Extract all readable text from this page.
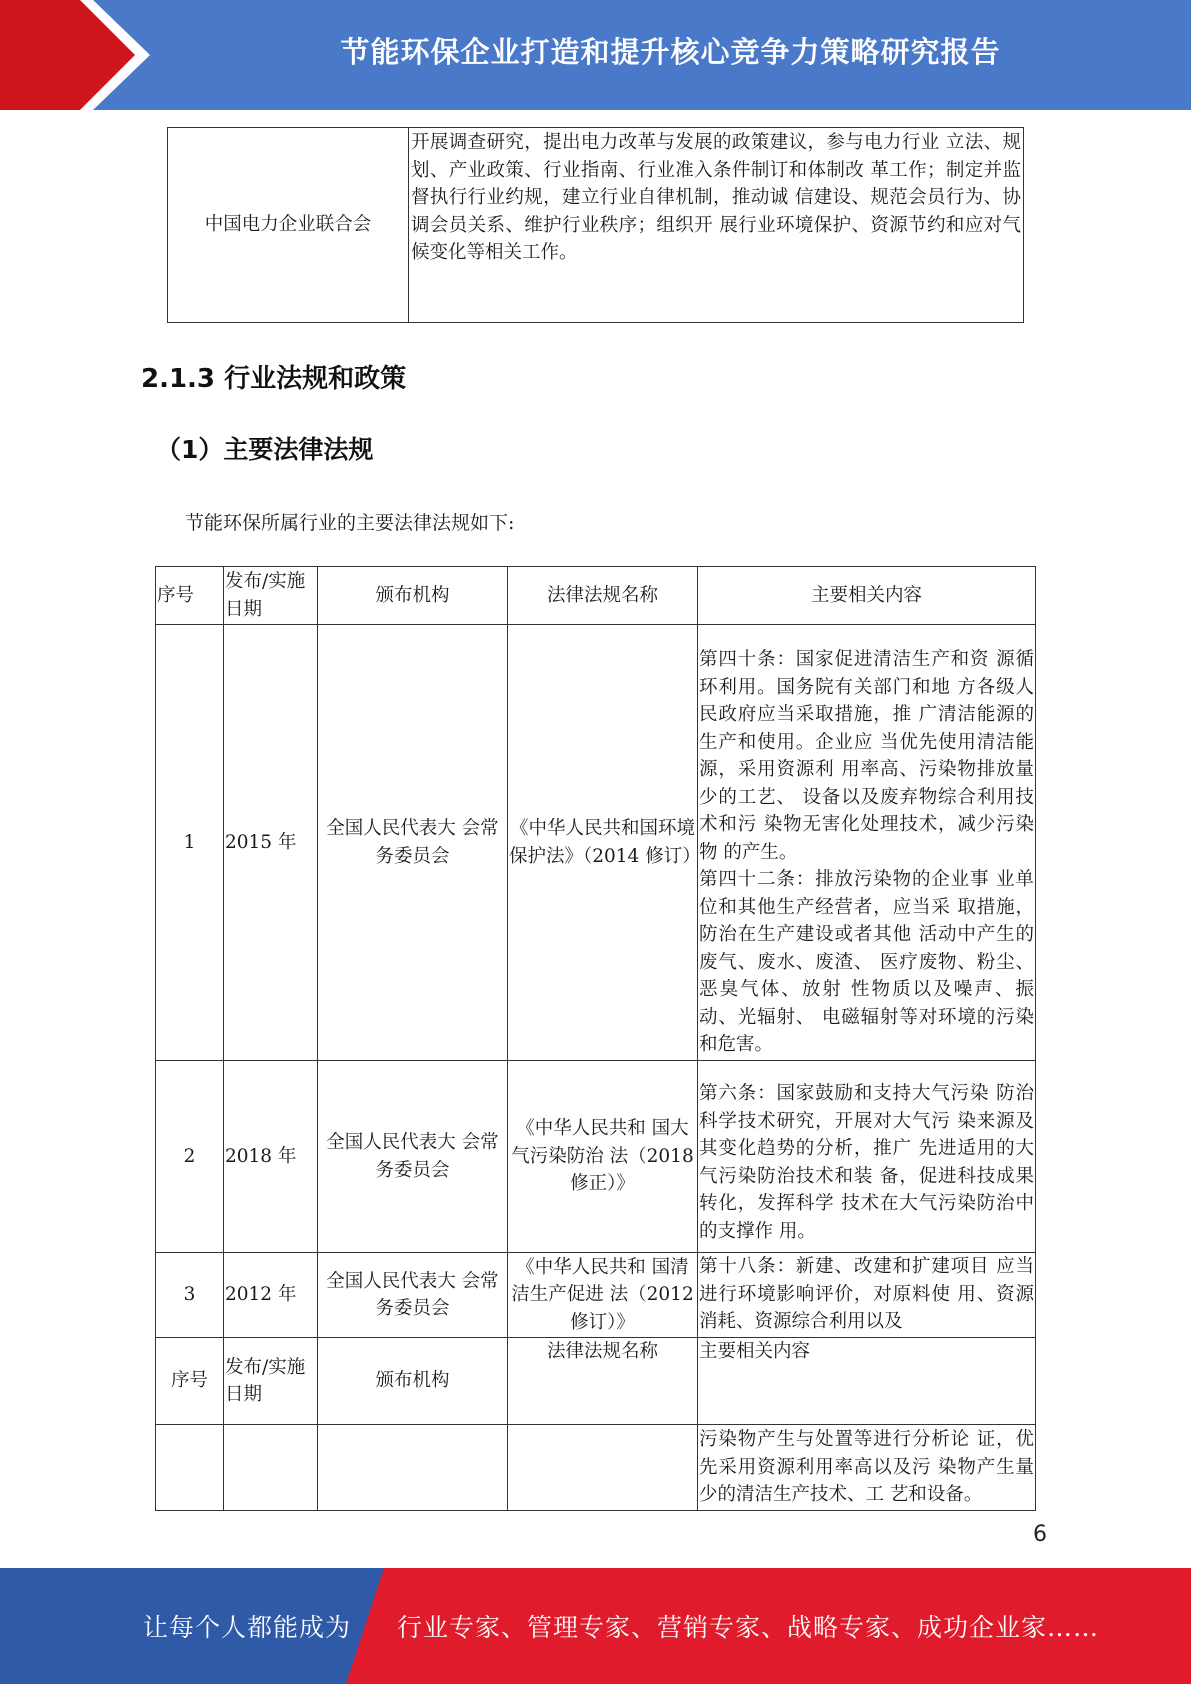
节能环保企业打造和提升核心竞争力策略研究报告
中国电力企业联合会	开展调查研究，提出电力改革与发展的政策建议，参与电力行业 立法、规划、产业政策、行业指南、行业准入条件制订和体制改 革工作；制定并监督执行行业约规，建立行业自律机制，推动诚 信建设、规范会员行为、协调会员关系、维护行业秩序；组织开 展行业环境保护、资源节约和应对气候变化等相关工作。
2.1.3 行业法规和政策
（1）主要法律法规
节能环保所属行业的主要法律法规如下:
序号	发布/实施日期	颁布机构	法律法规名称	主要相关内容
1	2015 年	全国人民代表大 会常务委员会	《中华人民共和国环境保护法》（2014 修订）	第四十条：国家促进清洁生产和资 源循环利用。国务院有关部门和地 方各级人民政府应当采取措施，推 广清洁能源的生产和使用。企业应 当优先使用清洁能源，采用资源利 用率高、污染物排放量少的工艺、 设备以及废弃物综合利用技术和污 染物无害化处理技术，减少污染物 的产生。
第四十二条：排放污染物的企业事 业单位和其他生产经营者，应当采 取措施，防治在生产建设或者其他 活动中产生的废气、废水、废渣、 医疗废物、粉尘、恶臭气体、放射 性物质以及噪声、振动、光辐射、 电磁辐射等对环境的污染和危害。

2	2018 年	全国人民代表大 会常务委员会	《中华人民共和 国大气污染防治 法（2018 修正）》	第六条：国家鼓励和支持大气污染 防治科学技术研究，开展对大气污 染来源及其变化趋势的分析，推广 先进适用的大气污染防治技术和装 备，促进科技成果转化，发挥科学 技术在大气污染防治中的支撑作 用。
3	2012 年	全国人民代表大 会常务委员会	《中华人民共和 国清洁生产促进 法（2012 修订）》	第十八条：新建、改建和扩建项目 应当进行环境影响评价，对原料使 用、资源消耗、资源综合利用以及
序号	发布/实施日期	颁布机构	法律法规名称	主要相关内容
				污染物产生与处置等进行分析论 证，优先采用资源利用率高以及污 染物产生量少的清洁生产技术、工 艺和设备。
6
让每个人都能成为 行业专家、管理专家、营销专家、战略专家、成功企业家……
